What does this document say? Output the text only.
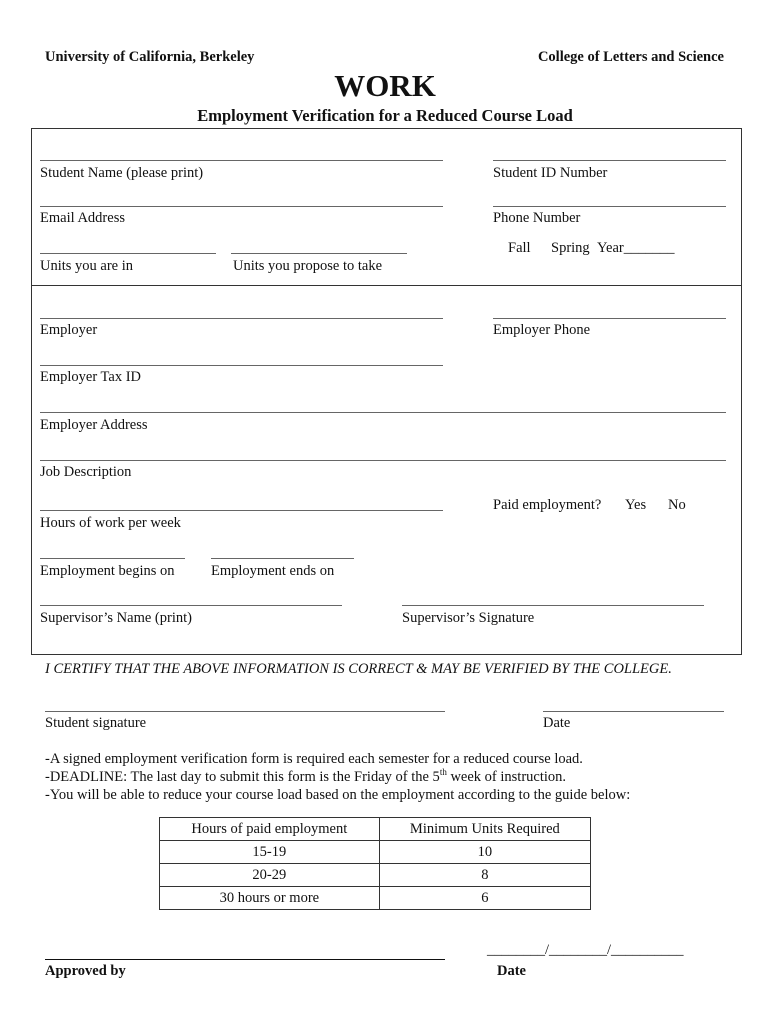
University of California, Berkeley	College of Letters and Science
WORK
Employment Verification for a Reduced Course Load
Student Name (please print)	Student ID Number
Email Address	Phone Number
Units you are in	Units you propose to take
Fall Spring Year_______
Employer	Employer Phone
Employer Tax ID
Employer Address
Job Description
Paid employment? Yes No
Hours of work per week
Employment begins on	Employment ends on
Supervisor’s Name (print)	Supervisor’s Signature
I CERTIFY THAT THE ABOVE INFORMATION IS CORRECT & MAY BE VERIFIED BY THE COLLEGE.
Student signature	Date
-A signed employment verification form is required each semester for a reduced course load.
-DEADLINE: The last day to submit this form is the Friday of the 5th week of instruction.
-You will be able to reduce your course load based on the employment according to the guide below:
Hours of paid employment	Minimum Units Required
15-19	10
20-29	8
30 hours or more	6
Approved by
________/________/__________
Date
